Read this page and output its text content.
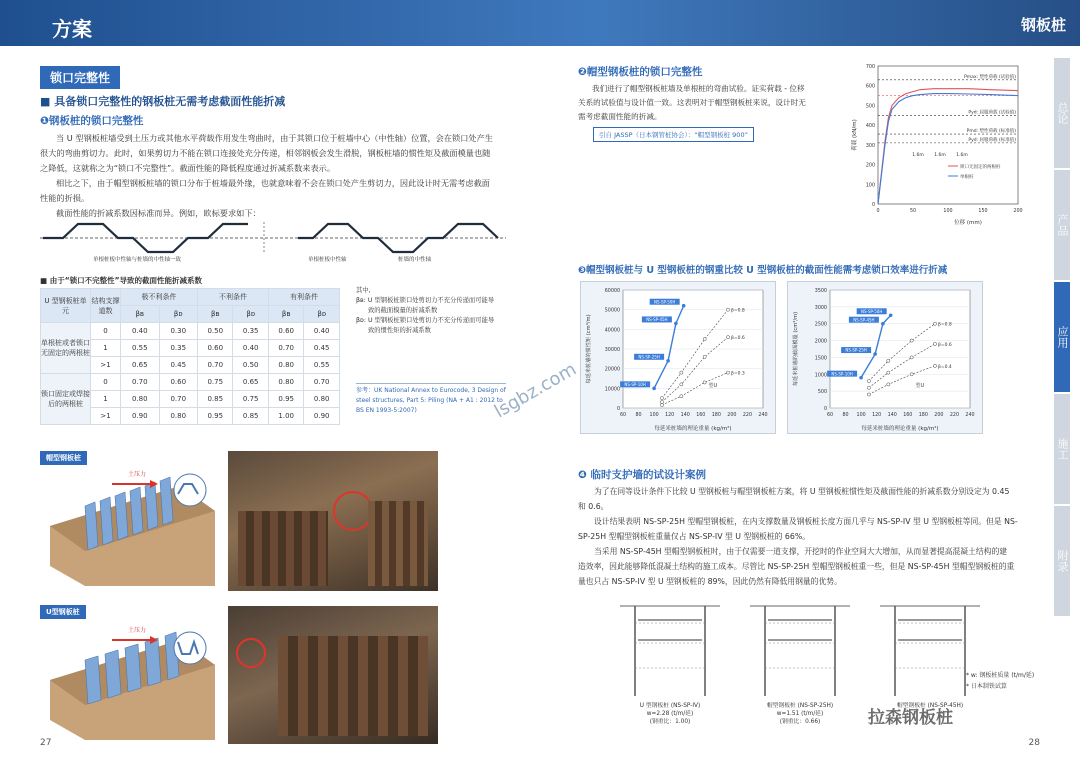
方案	钢板桩
总论
产品
应用
施工
附录
锁口完整性
■ 具备锁口完整性的钢板桩无需考虑截面性能折减
❶钢板桩的锁口完整性
当 U 型钢板桩墙受到土压力或其他水平荷载作用发生弯曲时，由于其锁口位于桩墙中心（中性轴）位置，会在锁口处产生
很大的弯曲剪切力。此时，如果剪切力不能在锁口连接处充分传递，相邻钢板会发生滑脱，钢板桩墙的惯性矩及截面模量也随
之降低，这就称之为“锁口不完整性”。截面性能的降低程度通过折减系数来表示。
相比之下，由于帽型钢板桩墙的锁口分布于桩墙最外缘，也就意味着不会在锁口处产生剪切力，因此设计时无需考虑截面
性能的折损。
截面性能的折减系数因标准而异。例如，欧标要求如下：
单根桩板中性轴与桩墙的中性轴一致	单根桩板中性轴	桩墙的中性轴
■ 由于“锁口不完整性”导致的截面性能折减系数
U 型钢板桩单元	结构支撑道数	极不利条件		不利条件		有利条件	
		βв	βᴅ	βв	βᴅ	βв	βᴅ
单根桩或者锁口无固定的两根桩	0	0.40	0.30	0.50	0.35	0.60	0.40
	1	0.55	0.35	0.60	0.40	0.70	0.45
	>1	0.65	0.45	0.70	0.50	0.80	0.55
锁口固定或焊接后的两根桩	0	0.70	0.60	0.75	0.65	0.80	0.70
	1	0.80	0.70	0.85	0.75	0.95	0.80
	>1	0.90	0.80	0.95	0.85	1.00	0.90
其中,
βв: U 型钢板桩锁口处剪切力不充分传递而可能导
致的截面模量的折减系数
βᴅ: U 型钢板桩锁口处剪切力不充分传递而可能导
致的惯性矩的折减系数
参考：UK National Annex to Eurocode, 3 Design of steel structures, Part 5: Piling (NA + A1 : 2012 to BS EN 1993-5:2007)
帽型钢板桩
土压力
U型钢板桩
土压力
❷帽型钢板桩的锁口完整性
我们进行了帽型钢板桩墙及单根桩的弯曲试验。证实荷载 - 位移
关系的试验值与设计值一致。这表明对于帽型钢板桩来说，设计时无
需考虑截面性能的折减。
引自 JASSP（日本钢管桩协会）：“帽型钢板桩 900”
0
100
200
300
400
500
600
700
0	50	100	150	200
Pmax: 塑性荷载 (试验值)
Pyd: 屈服荷载 (试验值)
Pmd: 塑性荷载 (标准值)
Pyd: 屈服荷载 (标准值)
锁口无固定的两根桩
单根桩
1.6m 1.6m 1.6m
位移 (mm)
荷载 (kN/m)
❸帽型钢板桩与 U 型钢板桩的钢重比较 U 型钢板桩的截面性能需考虑锁口效率进行折减
0
10000
20000
30000
40000
50000
60000
60 80 100 120 140 160 180 200 220 240
β=0.8
β=0.6
β=0.3
NS-SP-50H
NS-SP-45H
NS-SP-25H
NS-SP-10H	型U
每延米桩墙的理论重量 (kg/m²)
每延米桩墙的惯性矩 (cm⁴/m)
0
500
1000
1500
2000
2500
3000
3500
60 80 100 120 140 160 180 200 220 240
β=0.8
β=0.6
β=0.4
NS-SP-50H
NS-SP-45H
NS-SP-25H
NS-SP-10H
型U
每延米桩墙的理论重量 (kg/m²)
每延米桩墙的截面模量 (cm³/m)
❹ 临时支护墙的试设计案例
为了在同等设计条件下比较 U 型钢板桩与帽型钢板桩方案，将 U 型钢板桩惯性矩及截面性能的折减系数分别设定为 0.45
和 0.6。
设计结果表明 NS-SP-25H 型帽型钢板桩，在内支撑数量及钢板桩长度方面几乎与 NS-SP-IV 型 U 型钢板桩等同。但是 NS-
SP-25H 型帽型钢板桩重量仅占 NS-SP-IV 型 U 型钢板桩的 66%。
当采用 NS-SP-45H 型帽型钢板桩时，由于仅需要一道支撑，开挖时的作业空间大大增加，从而显著提高混凝土结构的建
造效率，因此能够降低混凝土结构的施工成本。尽管比 NS-SP-25H 型帽型钢板桩重一些，但是 NS-SP-45H 型帽型钢板桩的重
量也只占 NS-SP-IV 型 U 型钢板桩的 89%，因此仍然有降低用钢量的优势。
U 型钢板桩 (NS-SP-IV)
w=2.28 (t/m/延)
(钢重比：1.00)
帽型钢板桩 (NS-SP-25H)
w=1.51 (t/m/延)
(钢重比：0.66)
帽型钢板桩 (NS-SP-45H)
* w: 钢板桩质量 (t/m/延)
* 日本制铁试算
拉森钢板桩
lsgbz.com
27	28
